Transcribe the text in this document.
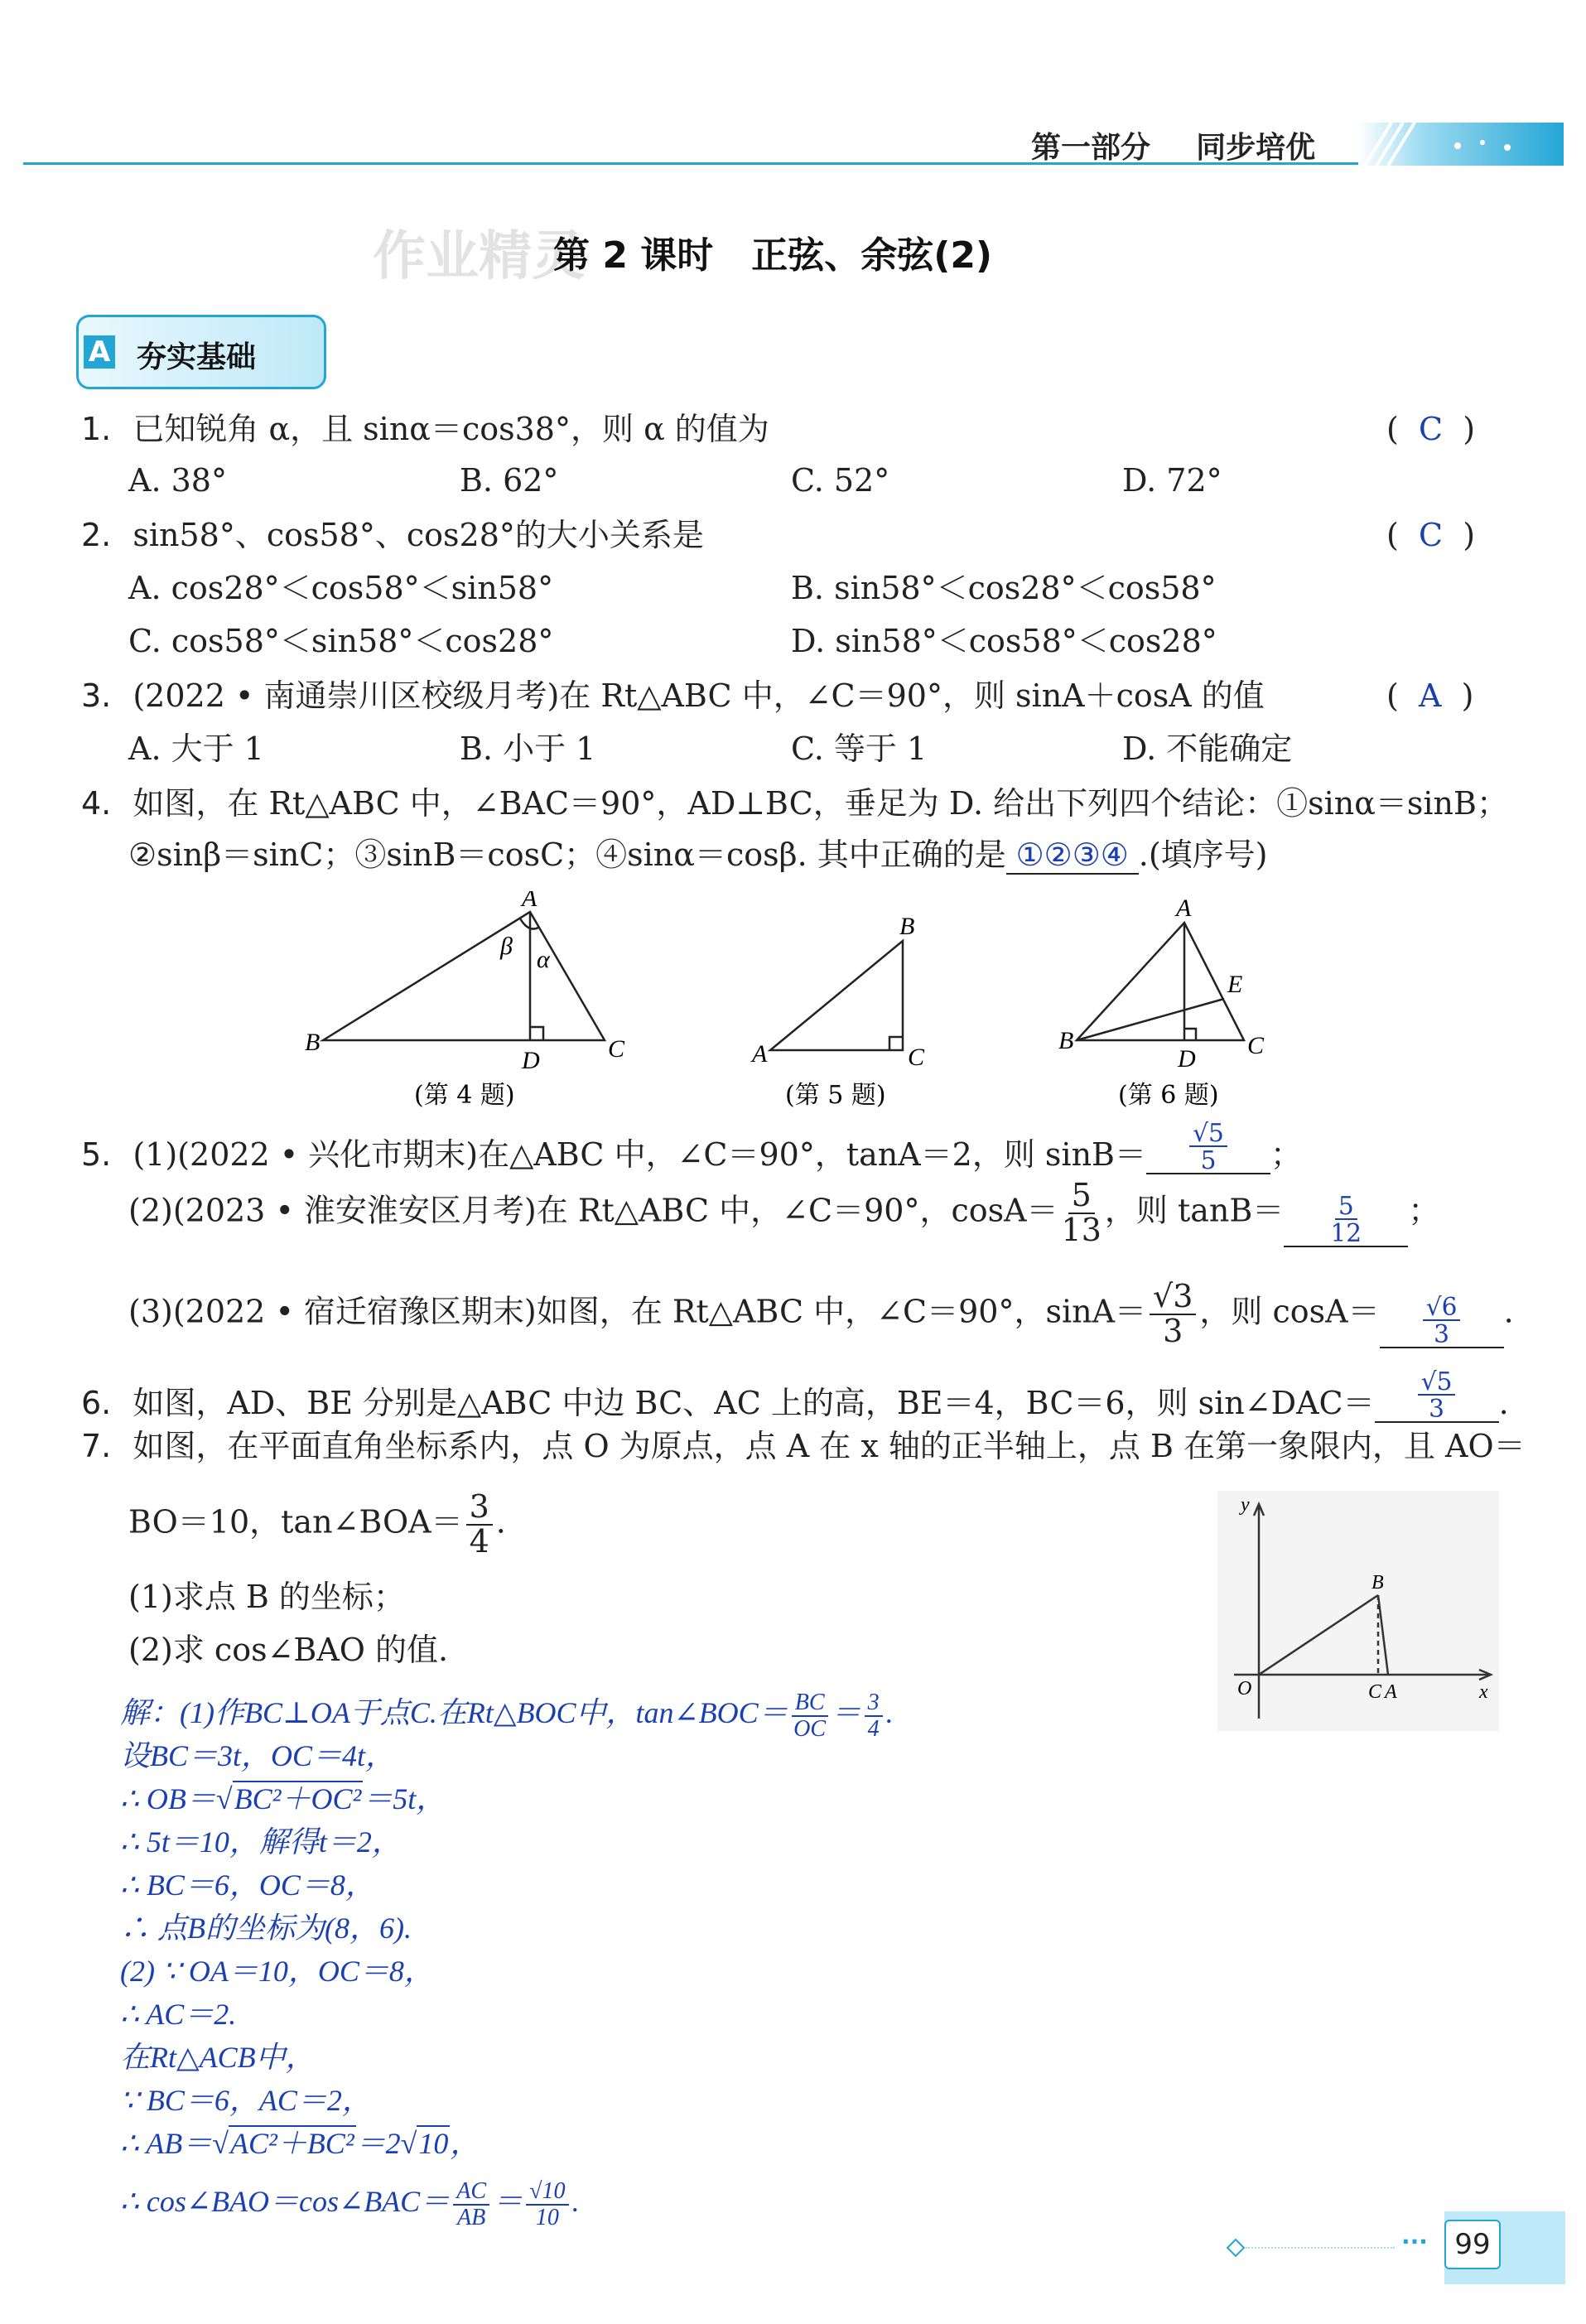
第一部分 同步培优
作业精灵
第 2 课时   正弦、余弦(2)
A 夯实基础
1. 已知锐角 α，且 sinα＝cos38°，则 α 的值为	(  C  )
A. 38°	B. 62°	C. 52°	D. 72°
2. sin58°、cos58°、cos28°的大小关系是	(  C  )
A. cos28°＜cos58°＜sin58°	B. sin58°＜cos28°＜cos58°
C. cos58°＜sin58°＜cos28°	D. sin58°＜cos58°＜cos28°
3. (2022 • 南通崇川区校级月考)在 Rt△ABC 中，∠C＝90°，则 sinA＋cosA 的值	(  A  )
A. 大于 1	B. 小于 1	C. 等于 1	D. 不能确定
4. 如图，在 Rt△ABC 中，∠BAC＝90°，AD⊥BC，垂足为 D. 给出下列四个结论：①sinα＝sinB；
②sinβ＝sinC；③sinB＝cosC；④sinα＝cosβ. 其中正确的是 ①②③④ .(填序号)
A
B	C
D
β α
(第 4 题)
A
B
C
(第 5 题)
A
B	C
D
E
(第 6 题)
5. (1)(2022 • 兴化市期末)在△ABC 中，∠C＝90°，tanA＝2，则 $\sin B= \frac{√5}{5}$ ；
(2)(2023 • 淮安淮安区月考)在 Rt△ABC 中，∠C＝90°，$\cos A= \frac{5}{13}$ ，则 $\tan B= \frac{5}{12}$ ；
(3)(2022 • 宿迁宿豫区期末)如图，在 Rt△ABC 中，∠C＝90°，$\sin A= \frac{√3}{3}$ ，则 $\cos A= \frac{√6}{3}$ .
6. 如图，AD、BE 分别是△ABC 中边 BC、AC 上的高，BE＝4，BC＝6，则 sin∠DAC＝ $\frac{√5}{3}$ .
7. 如图，在平面直角坐标系内，点 O 为原点，点 A 在 x 轴的正半轴上，点 B 在第一象限内，且 AO＝
BO＝10，tan∠BOA＝ $\frac{3}{4}$ .
(1)求点 B 的坐标；
(2)求 cos∠BAO 的值.
y
x
O
B
C A
解：(1)作BC⊥OA于点C.在Rt△BOC中，tan∠BOC＝ $\frac{BC}{OC} = \frac{3}{4}$ .
设BC＝3t，OC＝4t，
∴ OB＝√BC²＋OC²＝5t，
∴ 5t＝10，解得t＝2，
∴ BC＝6，OC＝8，
∴ 点B的坐标为(8，6).
(2) ∵ OA＝10，OC＝8，
∴ AC＝2.
在Rt△ACB中，
∵ BC＝6，AC＝2，
∴ AB＝√AC²＋BC²＝2√10，
∴ cos∠BAO＝cos∠BAC＝ $\frac{AC}{AB} = \frac{√10}{10}$ .
··· 99
